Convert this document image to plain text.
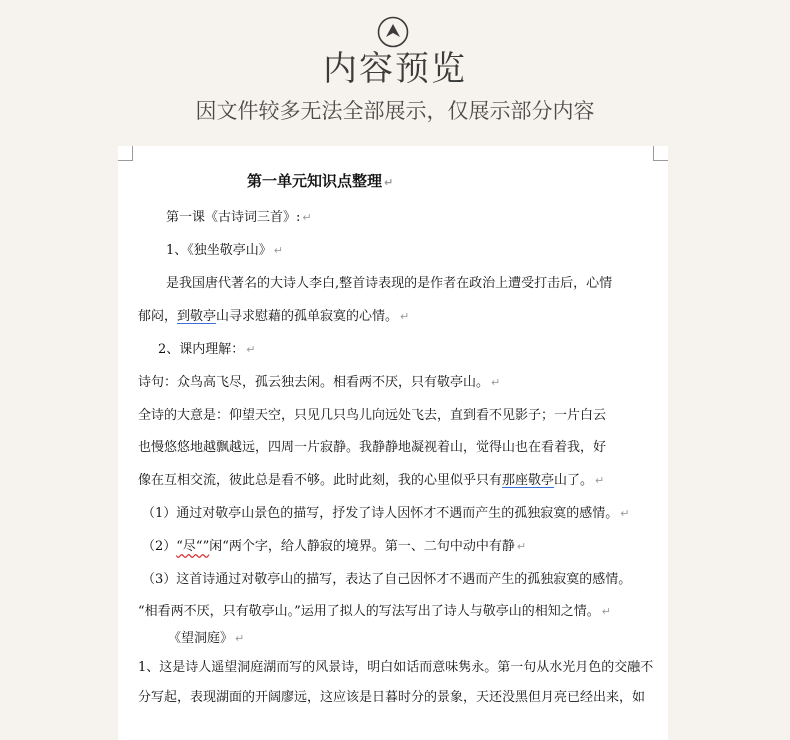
内容预览
因文件较多无法全部展示，仅展示部分内容
第一单元知识点整理 ↵
第一课《古诗词三首》: ↵
1、《独坐敬亭山》 ↵
是我国唐代著名的大诗人李白,整首诗表现的是作者在政治上遭受打击后，心情
郁闷，到敬亭山寻求慰藉的孤单寂寞的心情。 ↵
2、课内理解： ↵
诗句：众鸟高飞尽，孤云独去闲。相看两不厌，只有敬亭山。 ↵
全诗的大意是：仰望天空，只见几只鸟儿向远处飞去，直到看不见影子；一片白云
也慢悠悠地越飘越远，四周一片寂静。我静静地凝视着山，觉得山也在看着我，好
像在互相交流，彼此总是看不够。此时此刻，我的心里似乎只有那座敬亭山了。 ↵
（1）通过对敬亭山景色的描写，抒发了诗人因怀才不遇而产生的孤独寂寞的感情。 ↵
（2）“尽“”闲“两个字，给人静寂的境界。第一、二句中动中有静 ↵
（3）这首诗通过对敬亭山的描写，表达了自己因怀才不遇而产生的孤独寂寞的感情。
“相看两不厌，只有敬亭山。”运用了拟人的写法写出了诗人与敬亭山的相知之情。 ↵
《望洞庭》 ↵
1、这是诗人遥望洞庭湖而写的风景诗，明白如话而意味隽永。第一句从水光月色的交融不
分写起，表现湖面的开阔廖远，这应该是日暮时分的景象，天还没黑但月亮已经出来，如
